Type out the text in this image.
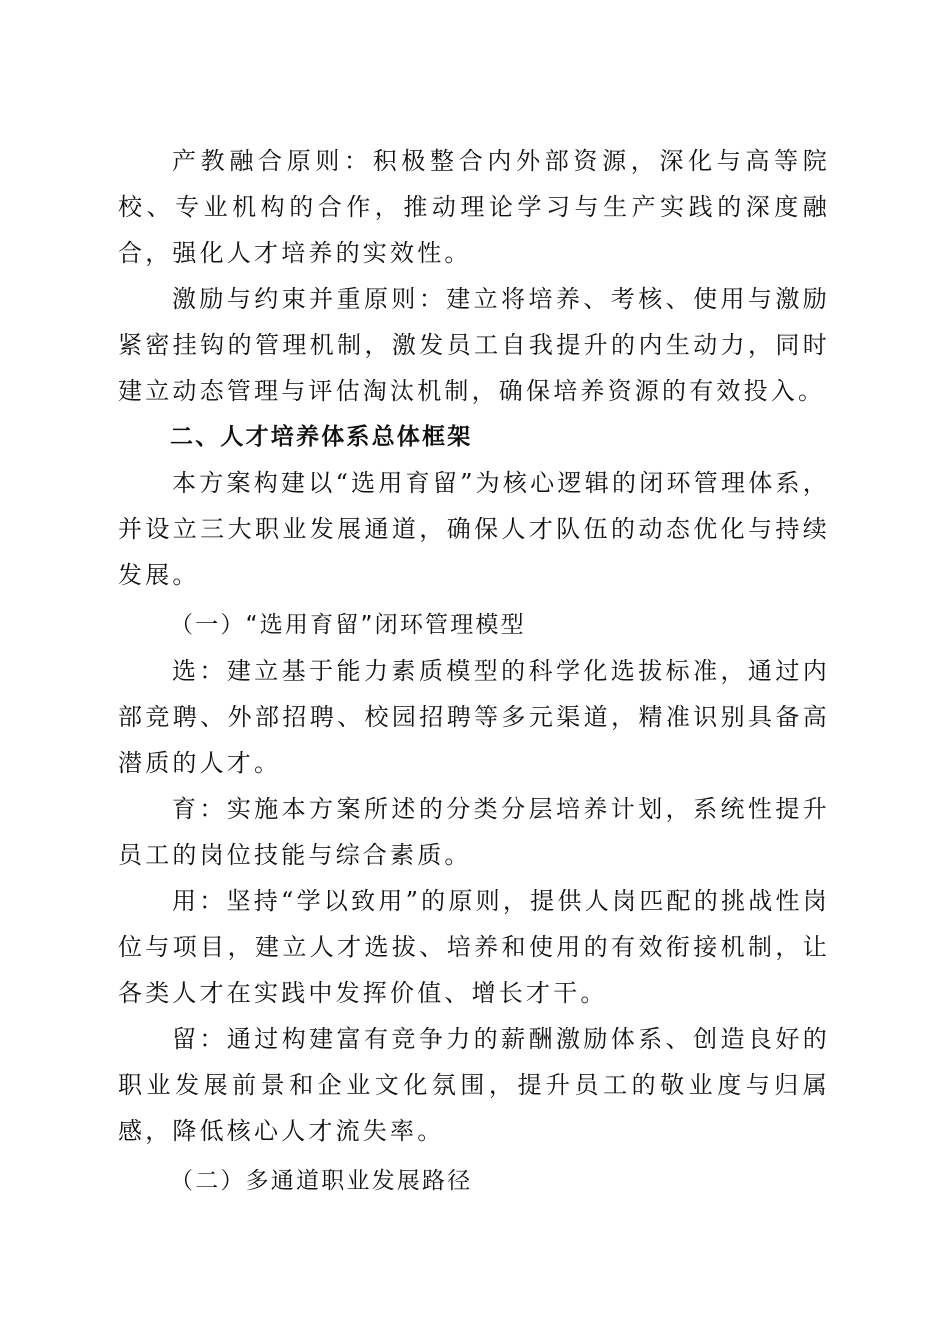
产教融合原则：积极整合内外部资源，深化与高等院校、专业机构的合作，推动理论学习与生产实践的深度融合，强化人才培养的实效性。

激励与约束并重原则：建立将培养、考核、使用与激励紧密挂钩的管理机制，激发员工自我提升的内生动力，同时建立动态管理与评估淘汰机制，确保培养资源的有效投入。

二、人才培养体系总体框架

本方案构建以“选用育留”为核心逻辑的闭环管理体系，并设立三大职业发展通道，确保人才队伍的动态优化与持续发展。

（一）“选用育留”闭环管理模型

选：建立基于能力素质模型的科学化选拔标准，通过内部竞聘、外部招聘、校园招聘等多元渠道，精准识别具备高潜质的人才。

育：实施本方案所述的分类分层培养计划，系统性提升员工的岗位技能与综合素质。

用：坚持“学以致用”的原则，提供人岗匹配的挑战性岗位与项目，建立人才选拔、培养和使用的有效衔接机制，让各类人才在实践中发挥价值、增长才干。

留：通过构建富有竞争力的薪酬激励体系、创造良好的职业发展前景和企业文化氛围，提升员工的敬业度与归属感，降低核心人才流失率。

（二）多通道职业发展路径
